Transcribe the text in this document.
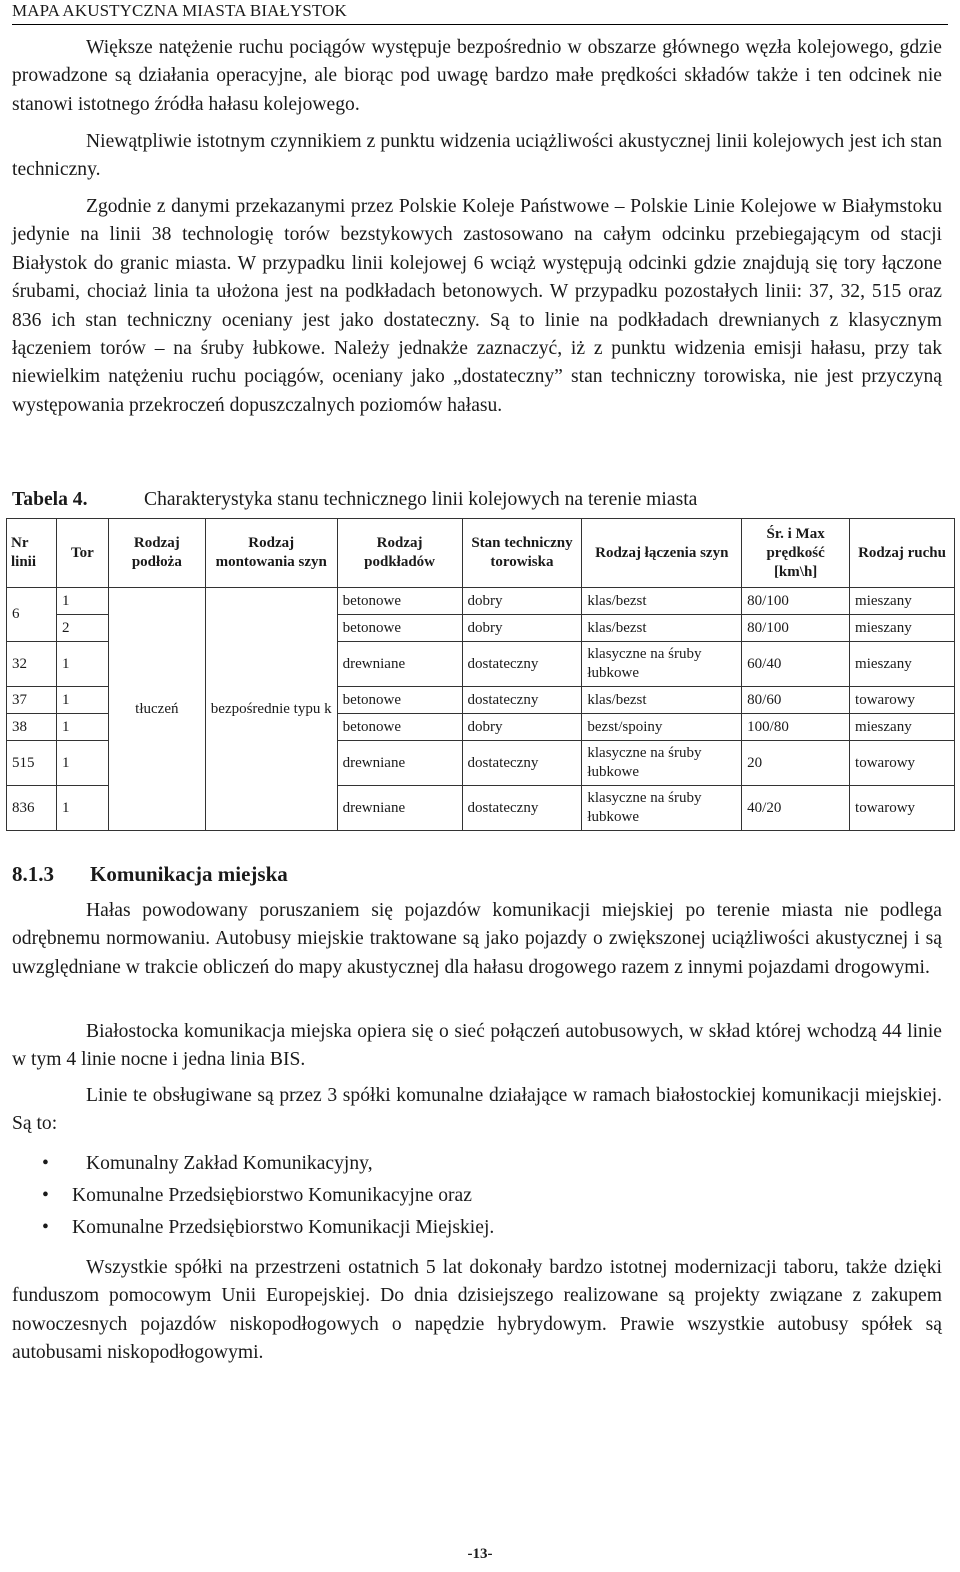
MAPA AKUSTYCZNA MIASTA BIAŁYSTOK

Większe natężenie ruchu pociągów występuje bezpośrednio w obszarze głównego węzła kolejowego, gdzie prowadzone są działania operacyjne, ale biorąc pod uwagę bardzo małe prędkości składów także i ten odcinek nie stanowi istotnego źródła hałasu kolejowego.

Niewątpliwie istotnym czynnikiem z punktu widzenia uciążliwości akustycznej linii kolejowych jest ich stan techniczny.

Zgodnie z danymi przekazanymi przez Polskie Koleje Państwowe – Polskie Linie Kolejowe w Białymstoku jedynie na linii 38 technologię torów bezstykowych zastosowano na całym odcinku przebiegającym od stacji Białystok do granic miasta. W przypadku linii kolejowej 6 wciąż występują odcinki gdzie znajdują się tory łączone śrubami, chociaż linia ta ułożona jest na podkładach betonowych. W przypadku pozostałych linii: 37, 32, 515 oraz 836 ich stan techniczny oceniany jest jako dostateczny. Są to linie na podkładach drewnianych z klasycznym łączeniem torów – na śruby łubkowe. Należy jednakże zaznaczyć, iż z punktu widzenia emisji hałasu, przy tak niewielkim natężeniu ruchu pociągów, oceniany jako „dostateczny” stan techniczny torowiska, nie jest przyczyną występowania przekroczeń dopuszczalnych poziomów hałasu.

Tabela 4.	Charakterystyka stanu technicznego linii kolejowych na terenie miasta
Nr linii	Tor	Rodzaj podłoża	Rodzaj montowania szyn	Rodzaj podkładów	Stan techniczny torowiska	Rodzaj łączenia szyn	Śr. i Max prędkość [km\h]	Rodzaj ruchu
6	1	tłuczeń	bezpośrednie typu k	betonowe	dobry	klas/bezst	80/100	mieszany
	2			betonowe	dobry	klas/bezst	80/100	mieszany
32	1			drewniane	dostateczny	klasyczne na śruby łubkowe	60/40	mieszany
37	1			betonowe	dostateczny	klas/bezst	80/60	towarowy
38	1			betonowe	dobry	bezst/spoiny	100/80	mieszany
515	1			drewniane	dostateczny	klasyczne na śruby łubkowe	20	towarowy
836	1			drewniane	dostateczny	klasyczne na śruby łubkowe	40/20	towarowy
8.1.3 Komunikacja miejska

Hałas powodowany poruszaniem się pojazdów komunikacji miejskiej po terenie miasta nie podlega odrębnemu normowaniu. Autobusy miejskie traktowane są jako pojazdy o zwiększonej uciążliwości akustycznej i są uwzględniane w trakcie obliczeń do mapy akustycznej dla hałasu drogowego razem z innymi pojazdami drogowymi.

Białostocka komunikacja miejska opiera się o sieć połączeń autobusowych, w skład której wchodzą 44 linie w tym 4 linie nocne i jedna linia BIS.

Linie te obsługiwane są przez 3 spółki komunalne działające w ramach białostockiej komunikacji miejskiej. Są to:

• Komunalny Zakład Komunikacyjny,
• Komunalne Przedsiębiorstwo Komunikacyjne oraz
• Komunalne Przedsiębiorstwo Komunikacji Miejskiej.

Wszystkie spółki na przestrzeni ostatnich 5 lat dokonały bardzo istotnej modernizacji taboru, także dzięki funduszom pomocowym Unii Europejskiej. Do dnia dzisiejszego realizowane są projekty związane z zakupem nowoczesnych pojazdów niskopodłogowych o napędzie hybrydowym. Prawie wszystkie autobusy spółek są autobusami niskopodłogowymi.

-13-
